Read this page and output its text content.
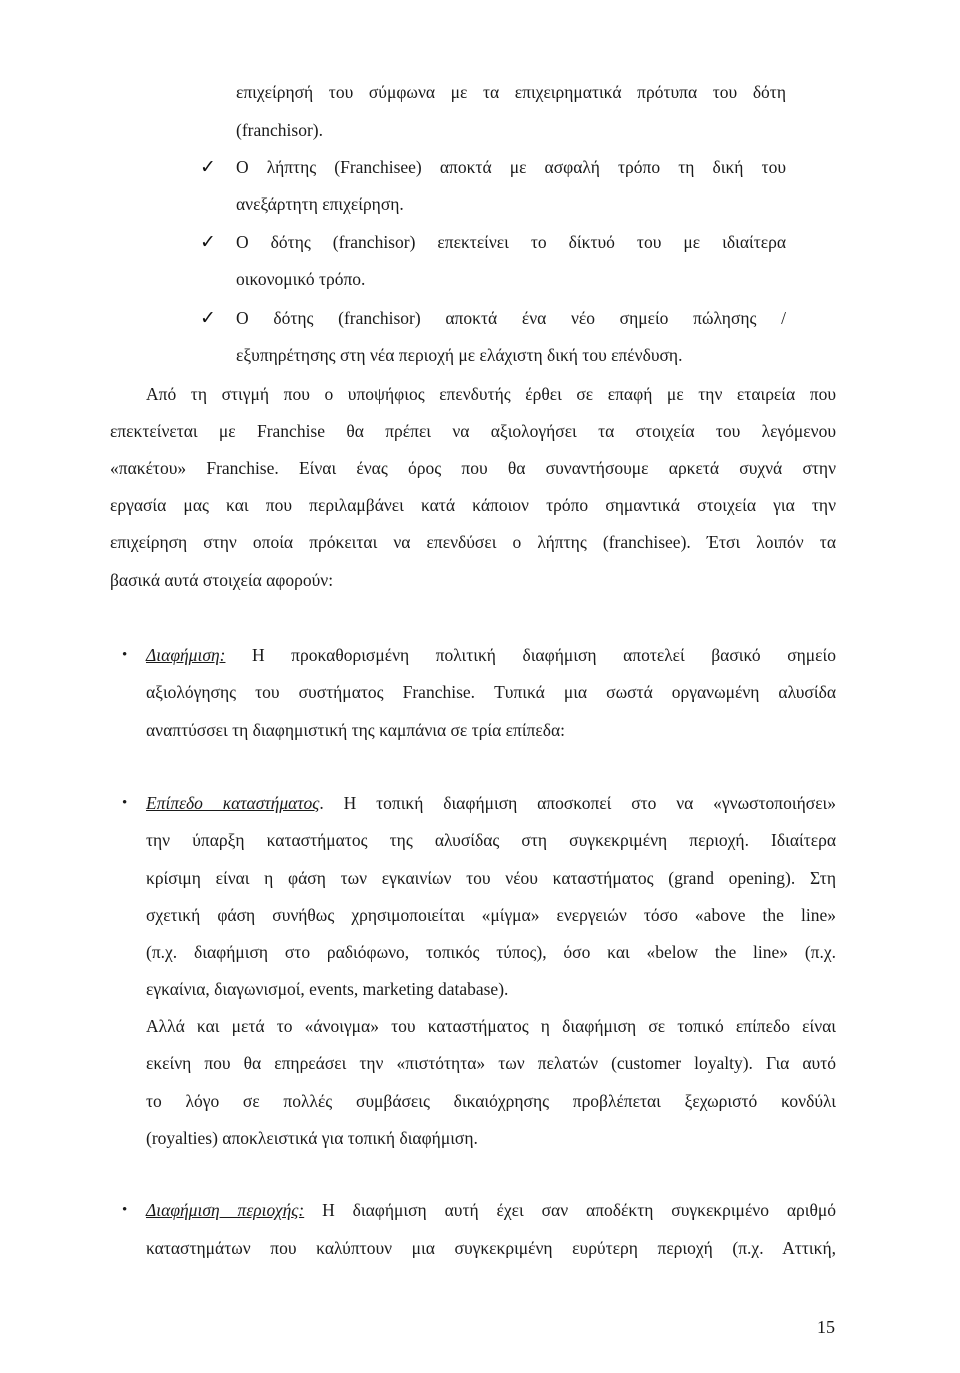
επιχείρησή του σύμφωνα με τα επιχειρηματικά πρότυπα του δότη
(franchisor).
✓ Ο λήπτης (Franchisee) αποκτά με ασφαλή τρόπο τη δική του
ανεξάρτητη επιχείρηση.
✓ Ο δότης (franchisor) επεκτείνει το δίκτυό του με ιδιαίτερα
οικονομικό τρόπο.
✓ Ο δότης (franchisor) αποκτά ένα νέο σημείο πώλησης /
εξυπηρέτησης στη νέα περιοχή με ελάχιστη δική του επένδυση.
Από τη στιγμή που ο υποψήφιος επενδυτής έρθει σε επαφή με την εταιρεία που
επεκτείνεται με Franchise θα πρέπει να αξιολογήσει τα στοιχεία του λεγόμενου
«πακέτου» Franchise. Είναι ένας όρος που θα συναντήσουμε αρκετά συχνά στην
εργασία μας και που περιλαμβάνει κατά κάποιον τρόπο σημαντικά στοιχεία για την
επιχείρηση στην οποία πρόκειται να επενδύσει ο λήπτης (franchisee). Έτσι λοιπόν τα
βασικά αυτά στοιχεία αφορούν:
• Διαφήμιση: Η προκαθορισμένη πολιτική διαφήμιση αποτελεί βασικό σημείο
αξιολόγησης του συστήματος Franchise. Τυπικά μια σωστά οργανωμένη αλυσίδα
αναπτύσσει τη διαφημιστική της καμπάνια σε τρία επίπεδα:
• Επίπεδο καταστήματος. Η τοπική διαφήμιση αποσκοπεί στο να «γνωστοποιήσει»
την ύπαρξη καταστήματος της αλυσίδας στη συγκεκριμένη περιοχή. Ιδιαίτερα
κρίσιμη είναι η φάση των εγκαινίων του νέου καταστήματος (grand opening). Στη
σχετική φάση συνήθως χρησιμοποιείται «μίγμα» ενεργειών τόσο «above the line»
(π.χ. διαφήμιση στο ραδιόφωνο, τοπικός τύπος), όσο και «below the line» (π.χ.
εγκαίνια, διαγωνισμοί, events, marketing database).
Αλλά και μετά το «άνοιγμα» του καταστήματος η διαφήμιση σε τοπικό επίπεδο είναι
εκείνη που θα επηρεάσει την «πιστότητα» των πελατών (customer loyalty). Για αυτό
το λόγο σε πολλές συμβάσεις δικαιόχρησης προβλέπεται ξεχωριστό κονδύλι
(royalties) αποκλειστικά για τοπική διαφήμιση.
• Διαφήμιση περιοχής: Η διαφήμιση αυτή έχει σαν αποδέκτη συγκεκριμένο αριθμό
καταστημάτων που καλύπτουν μια συγκεκριμένη ευρύτερη περιοχή (π.χ. Αττική,
15
